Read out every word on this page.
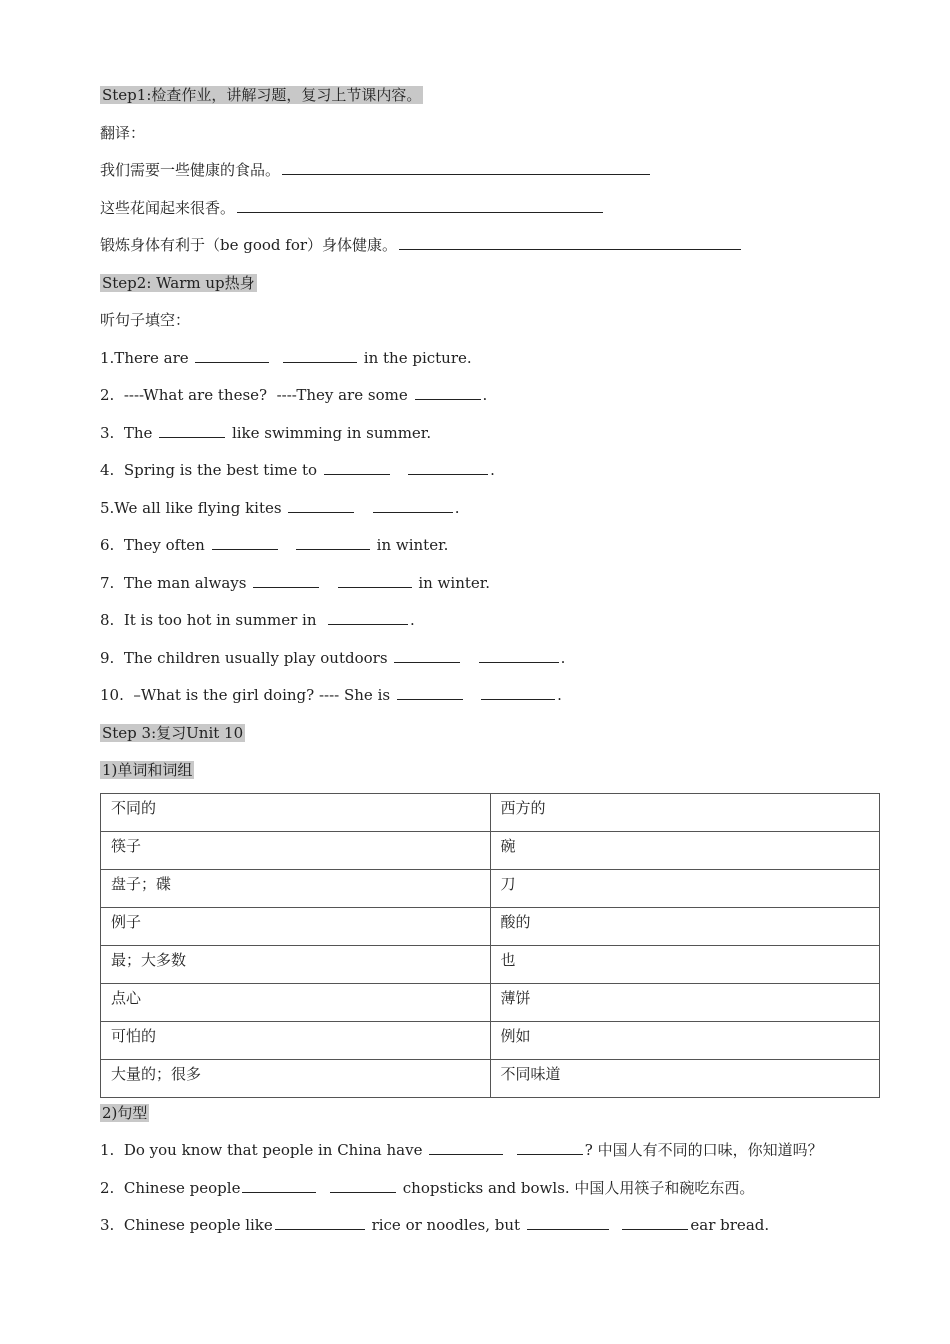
Step1:检查作业，讲解习题，复习上节课内容。
翻译：
我们需要一些健康的食品。
这些花闻起来很香。
锻炼身体有利于（be good for）身体健康。
Step2: Warm up热身
听句子填空：
1.There are	in the picture.
2.  ----What are these?  ----They are some	.
3.  The	like swimming in summer.
4.  Spring is the best time to	.
5.We all like flying kites	.
6.  They often	in winter.
7.  The man always	in winter.
8.  It is too hot in summer in	.
9.  The children usually play outdoors	.
10.  –What is the girl doing? ---- She is	.
Step 3:复习Unit 10
1)单词和词组
不同的	西方的
筷子	碗
盘子；碟	刀
例子	酸的
最；大多数	也
点心	薄饼
可怕的	例如
大量的；很多	不同味道
2)句型
1.  Do you know that people in China have	? 中国人有不同的口味，你知道吗？
2.  Chinese people	chopsticks and bowls. 中国人用筷子和碗吃东西。
3.  Chinese people like	rice or noodles, but	ear bread.
